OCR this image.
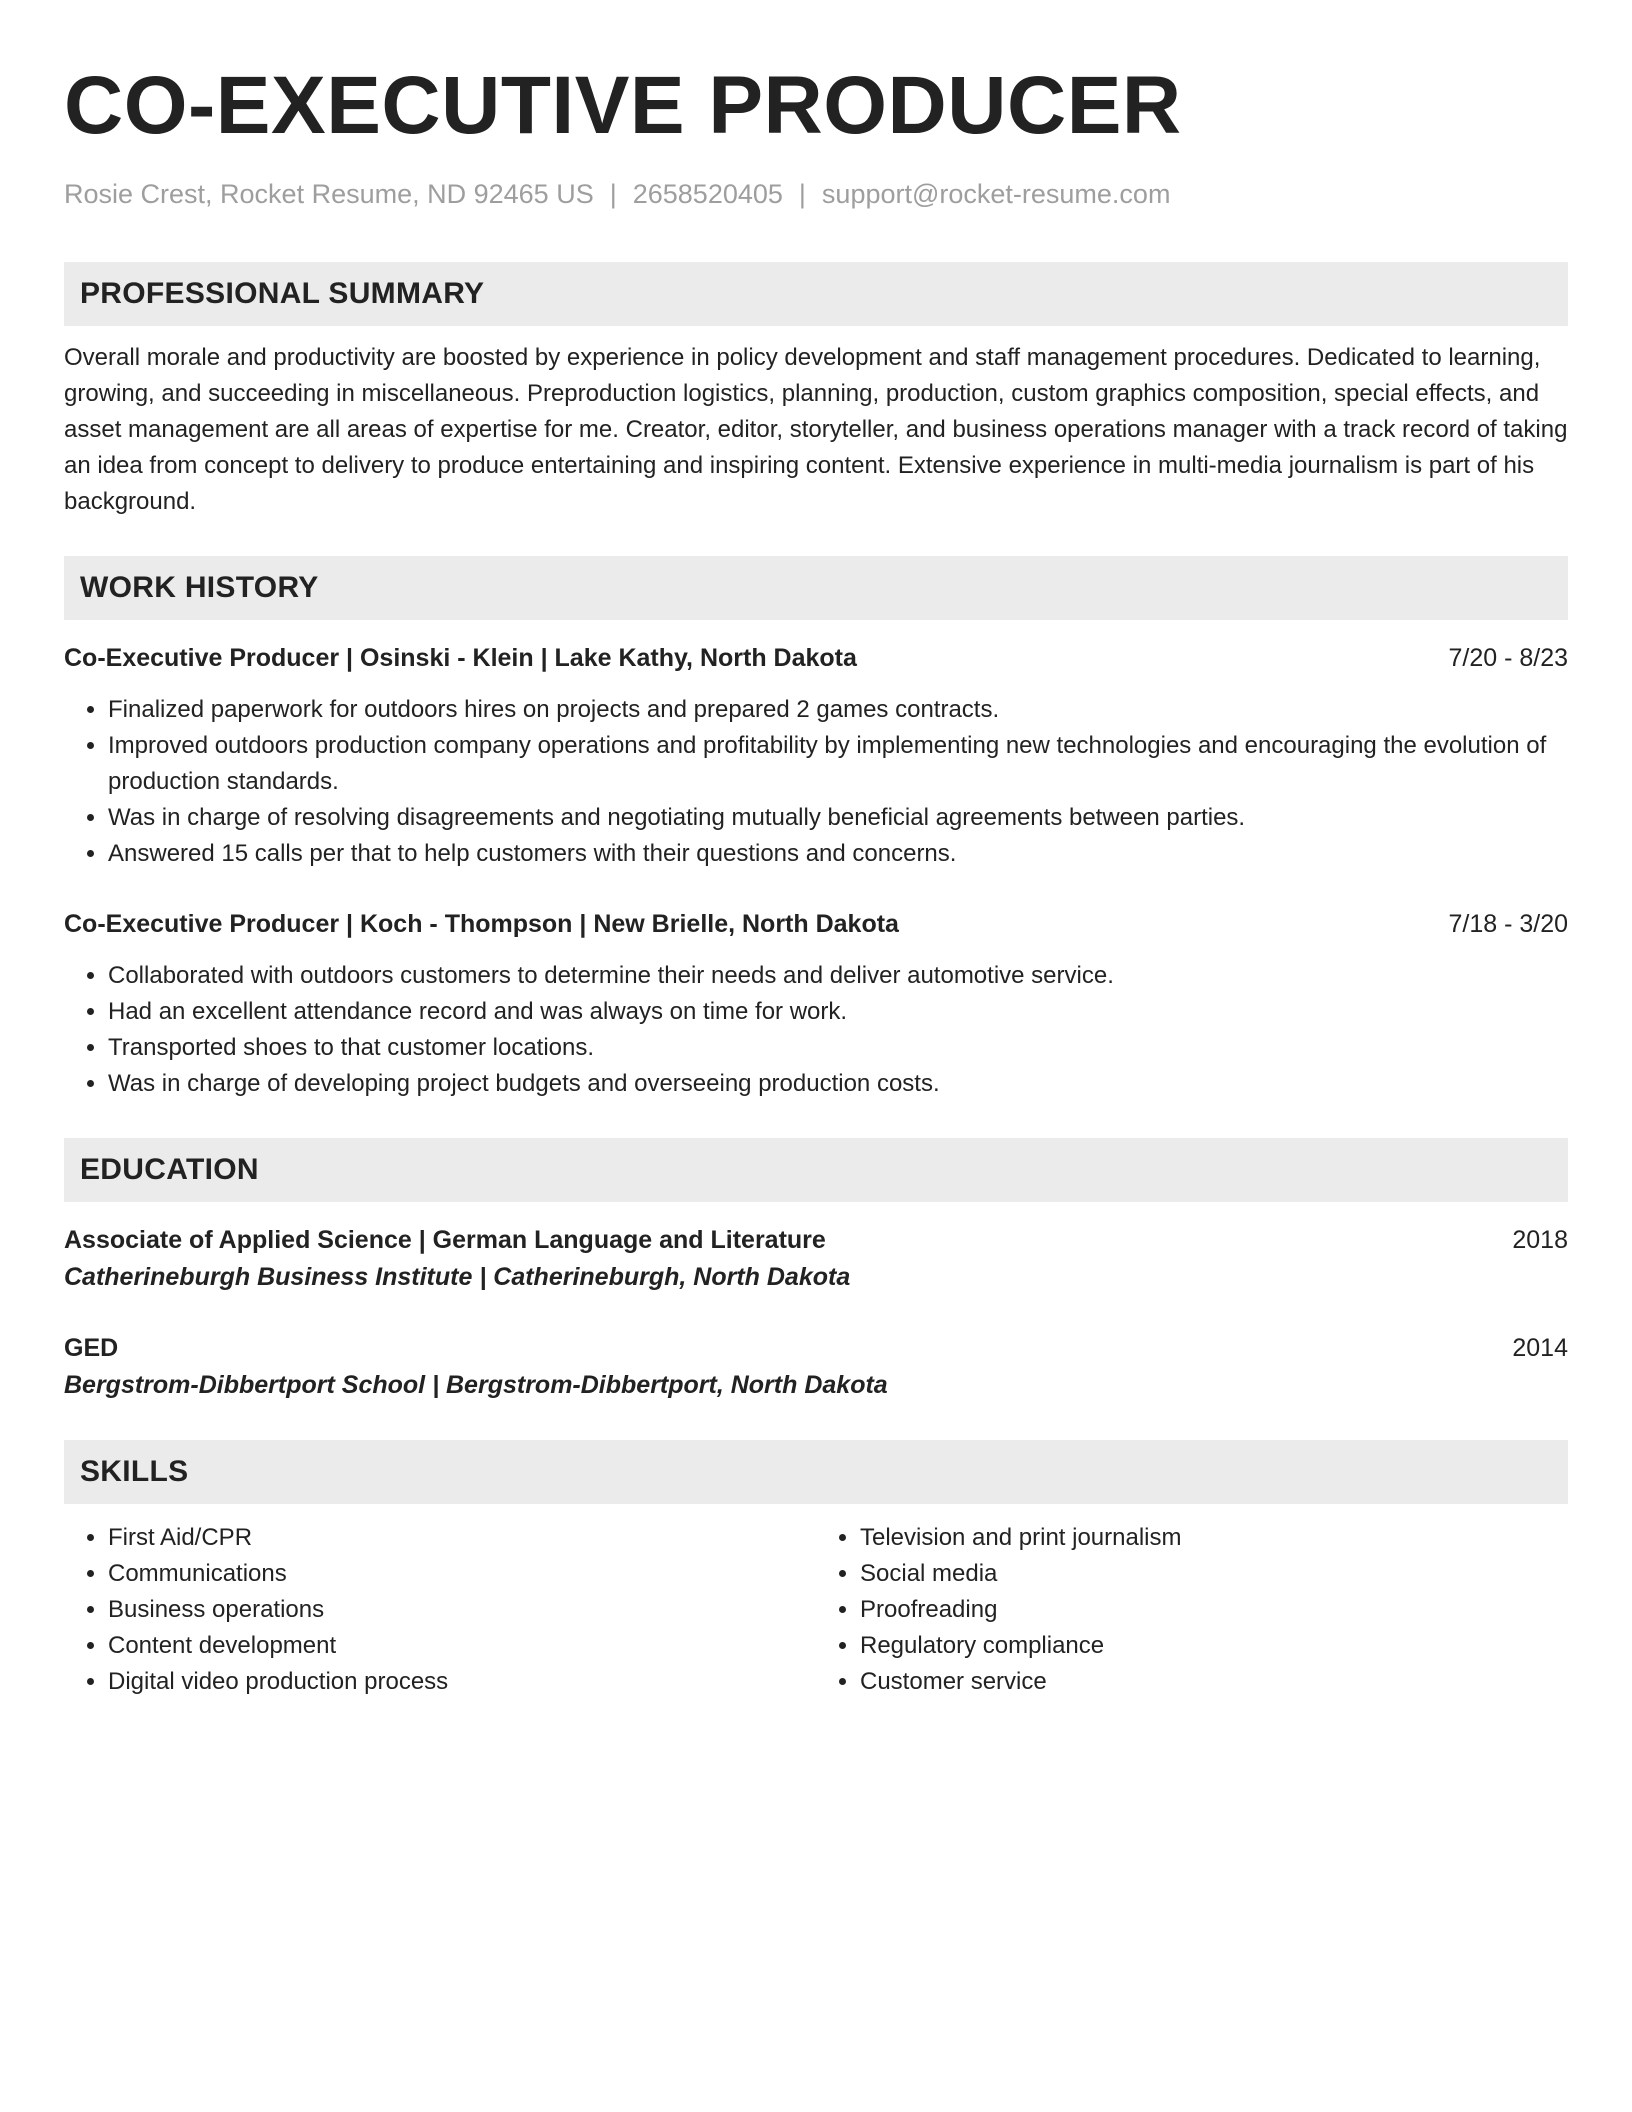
CO-EXECUTIVE PRODUCER
Rosie Crest, Rocket Resume, ND 92465 US | 2658520405 | support@rocket-resume.com
PROFESSIONAL SUMMARY
Overall morale and productivity are boosted by experience in policy development and staff management procedures. Dedicated to learning, growing, and succeeding in miscellaneous. Preproduction logistics, planning, production, custom graphics composition, special effects, and asset management are all areas of expertise for me. Creator, editor, storyteller, and business operations manager with a track record of taking an idea from concept to delivery to produce entertaining and inspiring content. Extensive experience in multi-media journalism is part of his background.
WORK HISTORY
Co-Executive Producer | Osinski - Klein | Lake Kathy, North Dakota	7/20 - 8/23
• Finalized paperwork for outdoors hires on projects and prepared 2 games contracts.
• Improved outdoors production company operations and profitability by implementing new technologies and encouraging the evolution of production standards.
• Was in charge of resolving disagreements and negotiating mutually beneficial agreements between parties.
• Answered 15 calls per that to help customers with their questions and concerns.
Co-Executive Producer | Koch - Thompson | New Brielle, North Dakota	7/18 - 3/20
• Collaborated with outdoors customers to determine their needs and deliver automotive service.
• Had an excellent attendance record and was always on time for work.
• Transported shoes to that customer locations.
• Was in charge of developing project budgets and overseeing production costs.
EDUCATION
Associate of Applied Science | German Language and Literature	2018
Catherineburgh Business Institute | Catherineburgh, North Dakota
GED	2014
Bergstrom-Dibbertport School | Bergstrom-Dibbertport, North Dakota
SKILLS
• First Aid/CPR
• Communications
• Business operations
• Content development
• Digital video production process
• Television and print journalism
• Social media
• Proofreading
• Regulatory compliance
• Customer service
